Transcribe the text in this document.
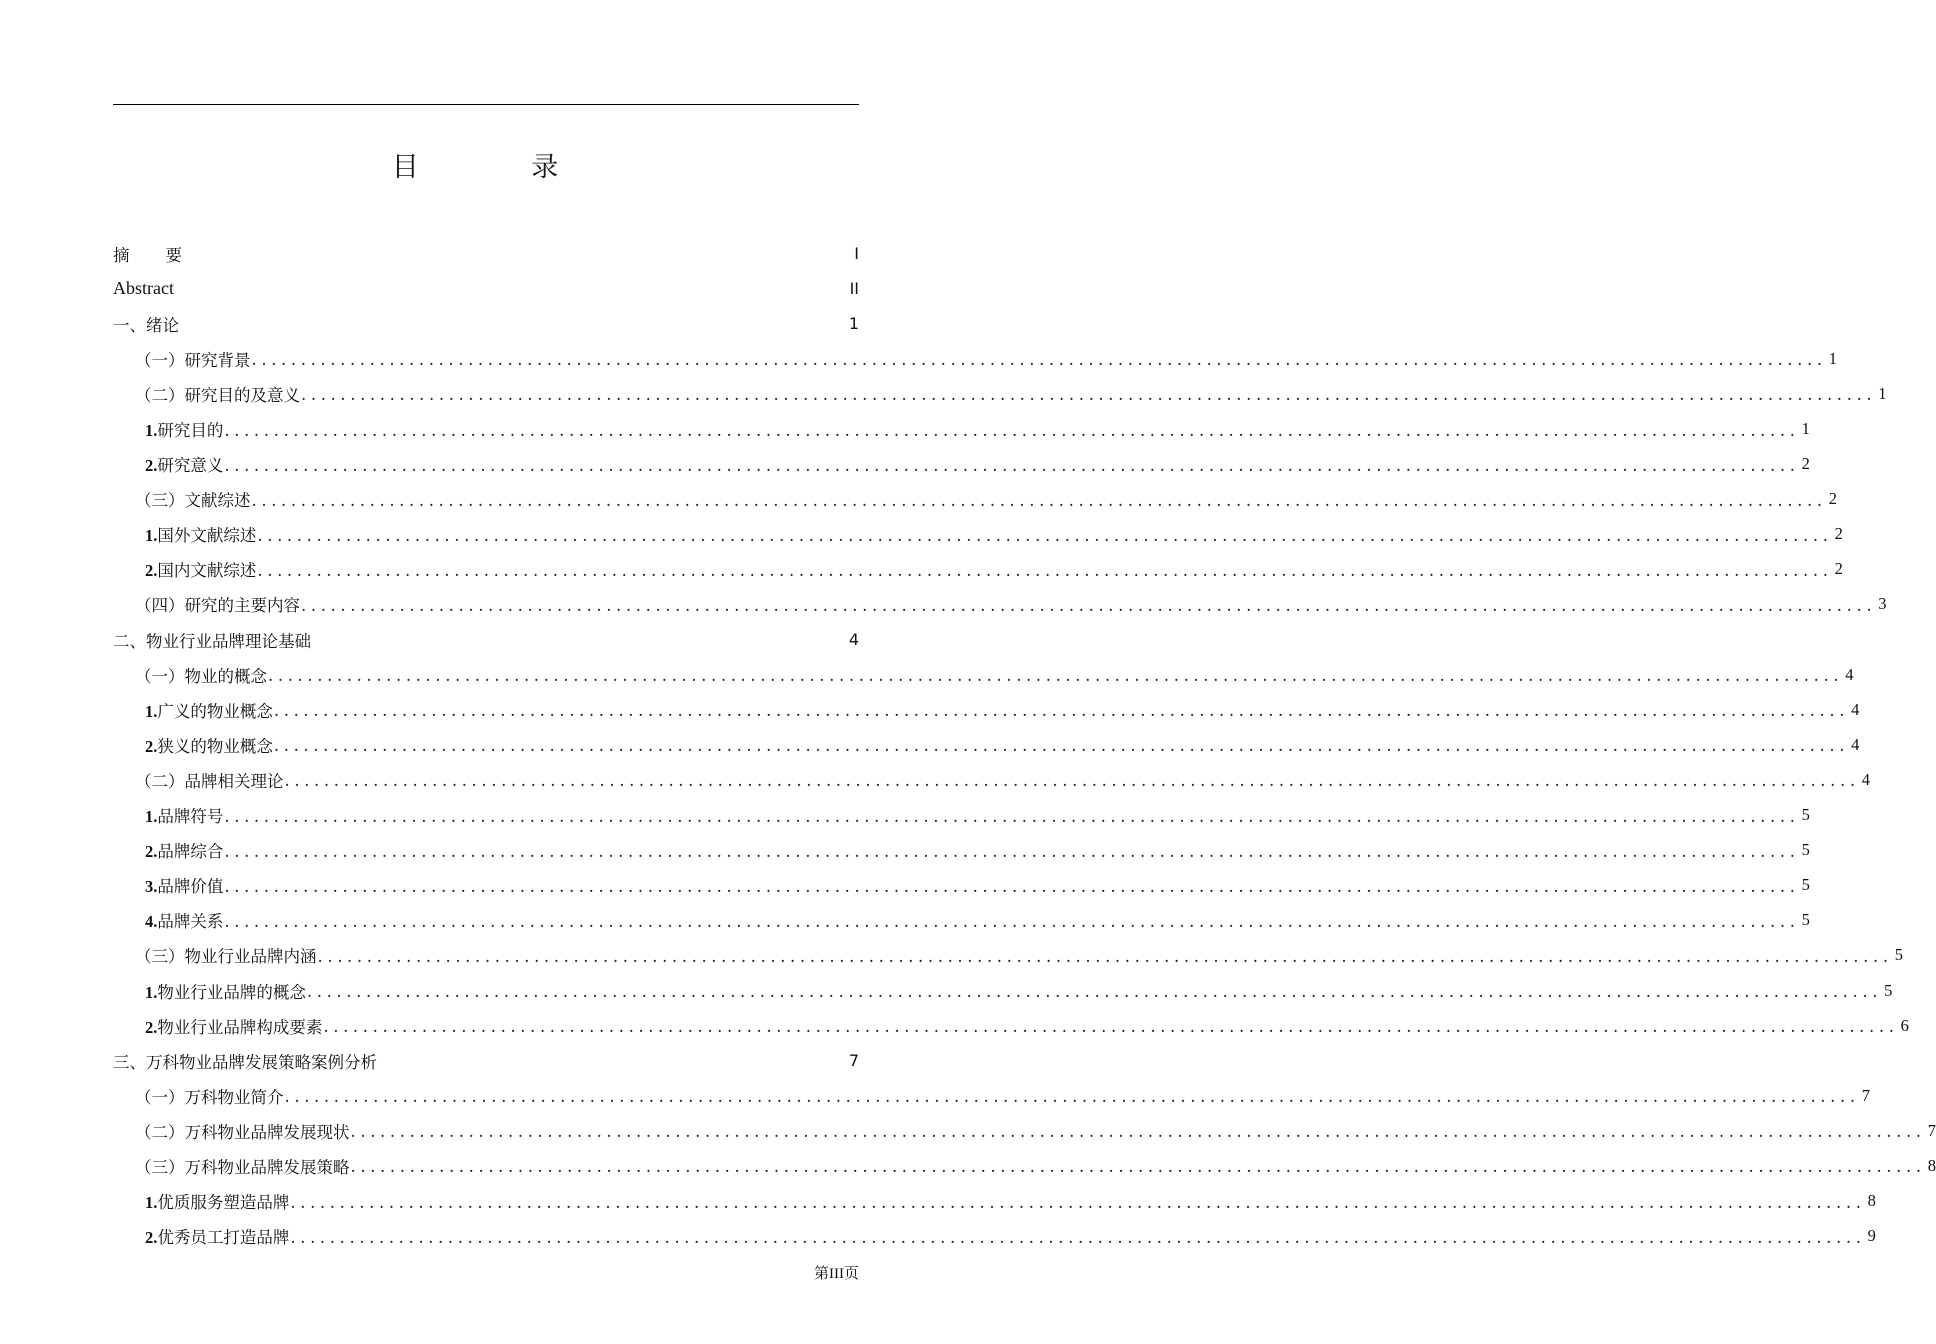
目 录
摘要	I
Abstract	II
一、绪论	1
（一）研究背景 ................................................................................................................................................................ 1
（二）研究目的及意义 ................................................................................................................................................................ 1
1.研究目的 ................................................................................................................................................................ 1
2.研究意义 ................................................................................................................................................................ 2
（三）文献综述 ................................................................................................................................................................ 2
1.国外文献综述 ................................................................................................................................................................ 2
2.国内文献综述 ................................................................................................................................................................ 2
（四）研究的主要内容 ................................................................................................................................................................ 3
二、物业行业品牌理论基础	4
（一）物业的概念 ................................................................................................................................................................ 4
1.广义的物业概念 ................................................................................................................................................................ 4
2.狭义的物业概念 ................................................................................................................................................................ 4
（二）品牌相关理论 ................................................................................................................................................................ 4
1.品牌符号 ................................................................................................................................................................ 5
2.品牌综合 ................................................................................................................................................................ 5
3.品牌价值 ................................................................................................................................................................ 5
4.品牌关系 ................................................................................................................................................................ 5
（三）物业行业品牌内涵 ................................................................................................................................................................ 5
1.物业行业品牌的概念 ................................................................................................................................................................ 5
2.物业行业品牌构成要素 ................................................................................................................................................................ 6
三、万科物业品牌发展策略案例分析	7
（一）万科物业简介 ................................................................................................................................................................ 7
（二）万科物业品牌发展现状 ................................................................................................................................................................ 7
（三）万科物业品牌发展策略 ................................................................................................................................................................ 8
1.优质服务塑造品牌 ................................................................................................................................................................ 8
2.优秀员工打造品牌 ................................................................................................................................................................ 9
第III页
